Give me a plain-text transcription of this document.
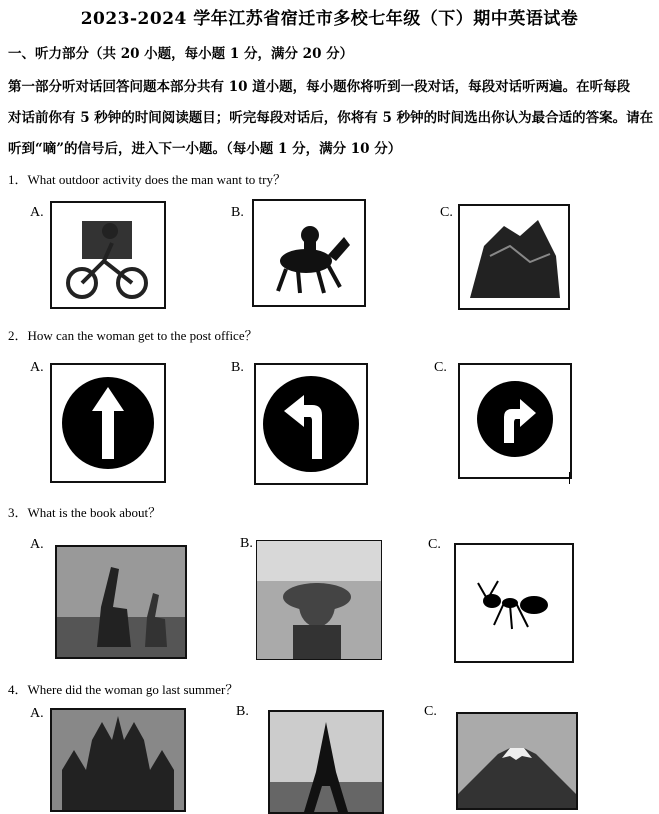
2023-2024 学年江苏省宿迁市多校七年级（下）期中英语试卷
一、听力部分（共 20 小题，每小题 1 分，满分 20 分）
第一部分听对话回答问题本部分共有 10 道小题，每小题你将听到一段对话，每段对话听两遍。在听每段
对话前你有 5 秒钟的时间阅读题目；听完每段对话后，你将有 5 秒钟的时间选出你认为最合适的答案。请在
听到“嘀”的信号后，进入下一小题。（每小题 1 分，满分 10 分）
1．What outdoor activity does the man want to try？
A.	B.	C.
2．How can the woman get to the post office？
A.	B.	C.
3．What is the book about？
A.	B.	C.
4．Where did the woman go last summer？
A.	B.	C.
